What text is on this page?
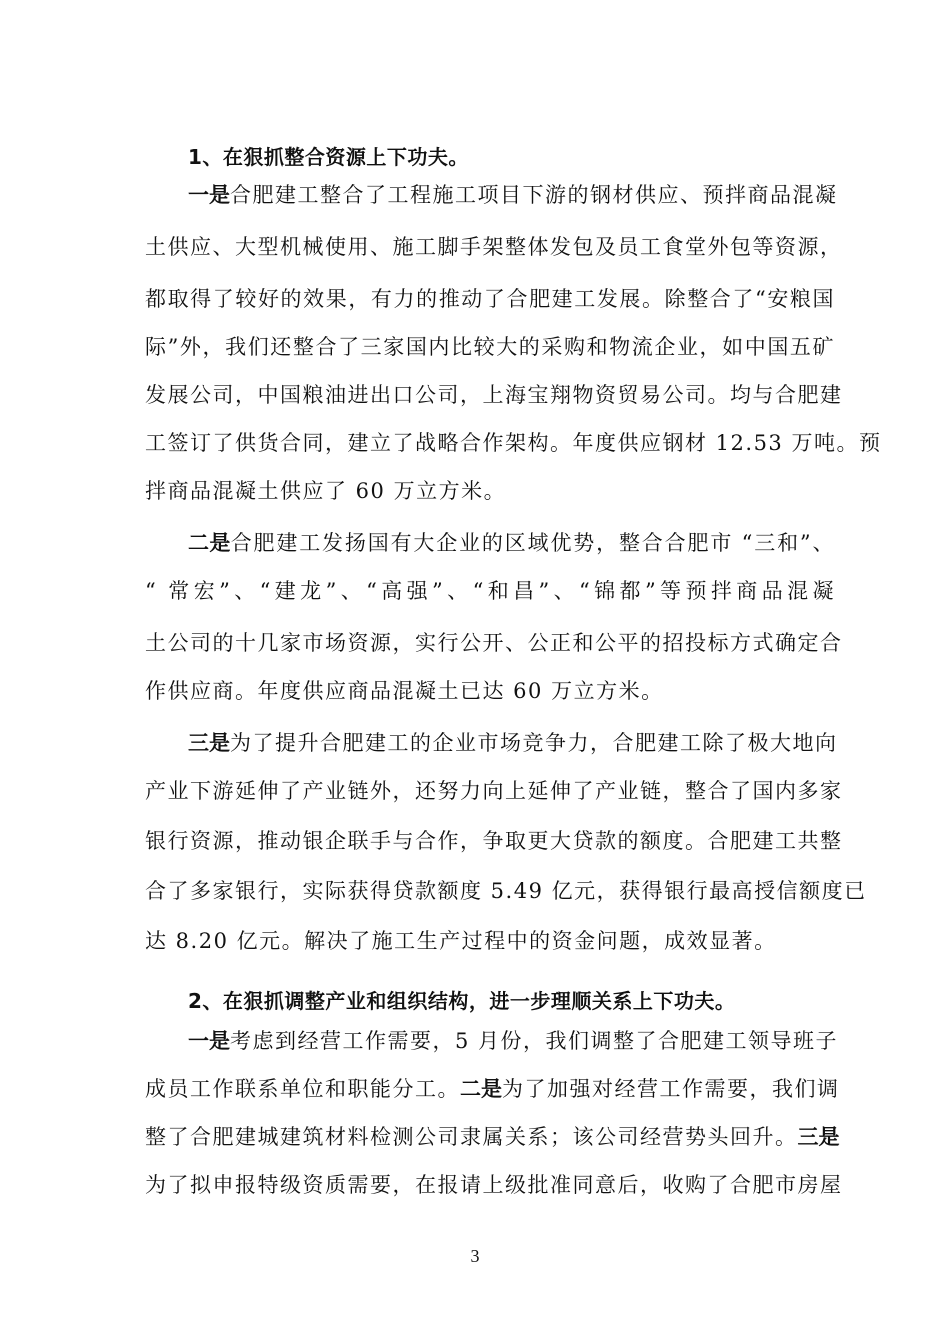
1、在狠抓整合资源上下功夫。
一是合肥建工整合了工程施工项目下游的钢材供应、预拌商品混凝
土供应、大型机械使用、施工脚手架整体发包及员工食堂外包等资源，
都取得了较好的效果，有力的推动了合肥建工发展。除整合了“安粮国
际”外，我们还整合了三家国内比较大的采购和物流企业，如中国五矿
发展公司，中国粮油进出口公司，上海宝翔物资贸易公司。均与合肥建
工签订了供货合同，建立了战略合作架构。年度供应钢材 12.53 万吨。预
拌商品混凝土供应了 60 万立方米。
二是合肥建工发扬国有大企业的区域优势，整合合肥市 “三和”、
“ 常宏”、“建龙”、“高强”、“和昌”、“锦都”等预拌商品混凝
土公司的十几家市场资源，实行公开、公正和公平的招投标方式确定合
作供应商。年度供应商品混凝土已达 60 万立方米。
三是为了提升合肥建工的企业市场竞争力，合肥建工除了极大地向
产业下游延伸了产业链外，还努力向上延伸了产业链，整合了国内多家
银行资源，推动银企联手与合作，争取更大贷款的额度。合肥建工共整
合了多家银行，实际获得贷款额度 5.49 亿元，获得银行最高授信额度已
达 8.20 亿元。解决了施工生产过程中的资金问题，成效显著。
2、在狠抓调整产业和组织结构，进一步理顺关系上下功夫。
一是考虑到经营工作需要，5 月份，我们调整了合肥建工领导班子
成员工作联系单位和职能分工。二是为了加强对经营工作需要，我们调
整了合肥建城建筑材料检测公司隶属关系；该公司经营势头回升。三是
为了拟申报特级资质需要，在报请上级批准同意后，收购了合肥市房屋
3
